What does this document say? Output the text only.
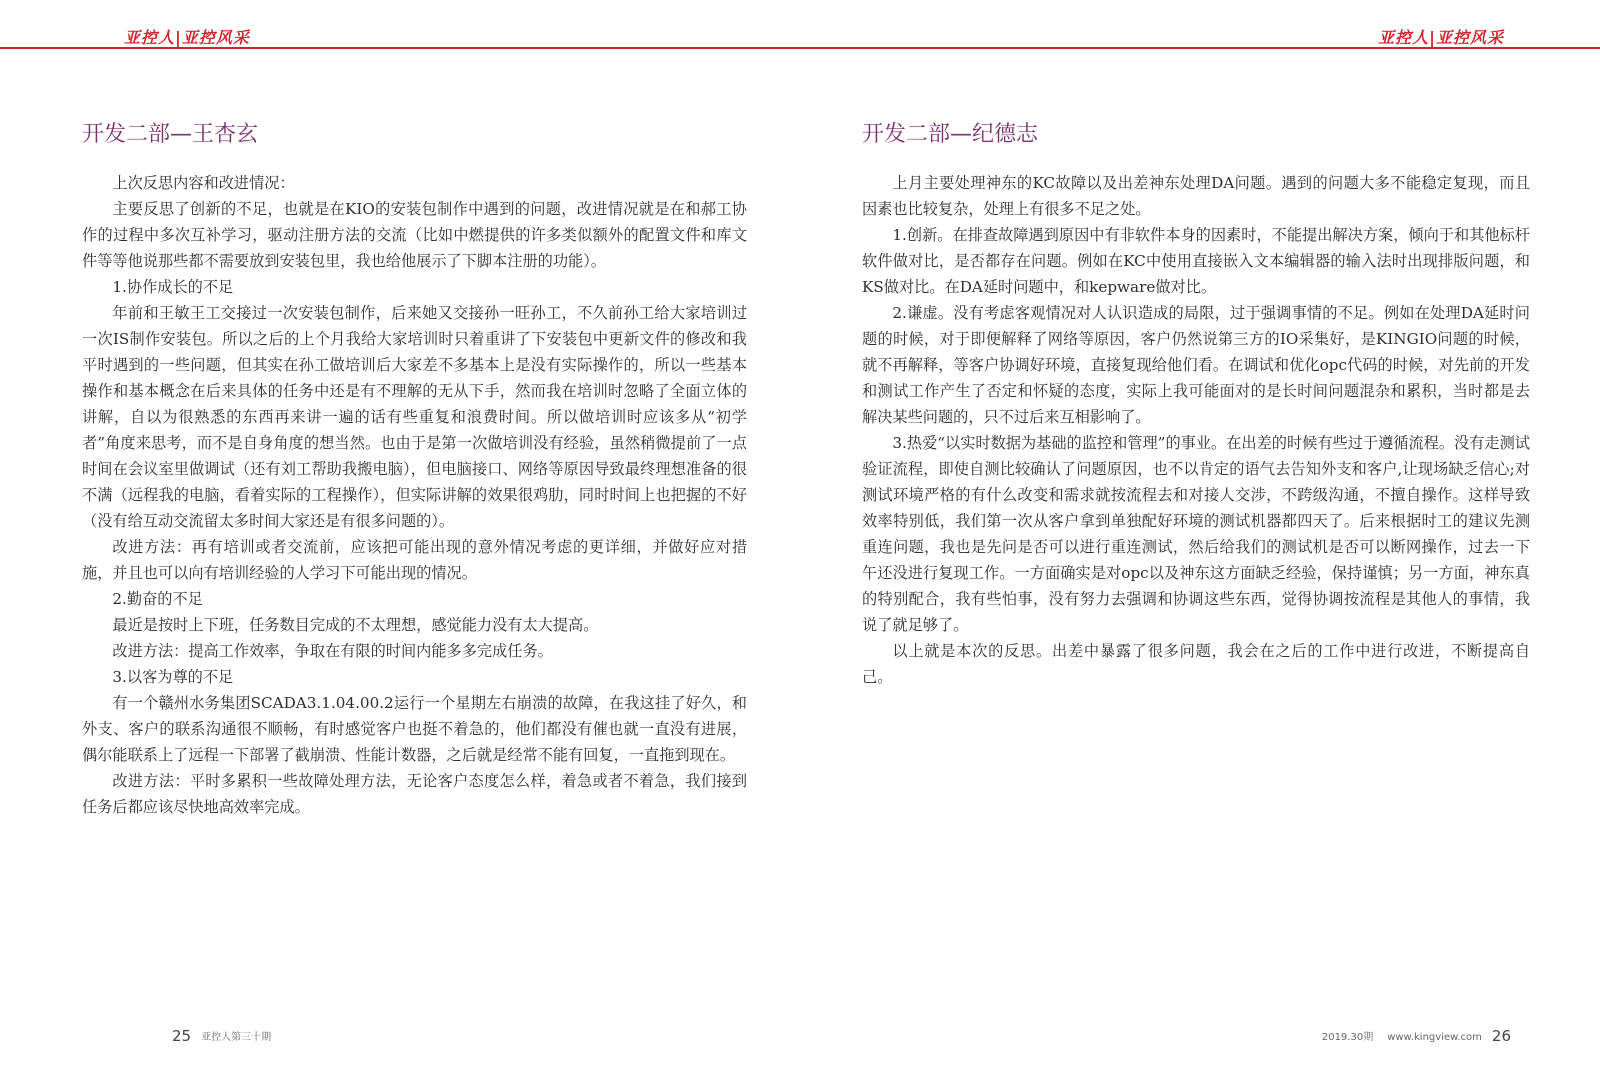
亚控人|亚控风采	亚控人|亚控风采
开发二部—王杏玄

上次反思内容和改进情况：

主要反思了创新的不足，也就是在KIO的安装包制作中遇到的问题，改进情况就是在和郝工协作的过程中多次互补学习，驱动注册方法的交流（比如中燃提供的许多类似额外的配置文件和库文件等等他说那些都不需要放到安装包里，我也给他展示了下脚本注册的功能）。

1.协作成长的不足

年前和王敏王工交接过一次安装包制作，后来她又交接孙一旺孙工，不久前孙工给大家培训过一次IS制作安装包。所以之后的上个月我给大家培训时只着重讲了下安装包中更新文件的修改和我平时遇到的一些问题，但其实在孙工做培训后大家差不多基本上是没有实际操作的，所以一些基本操作和基本概念在后来具体的任务中还是有不理解的无从下手，然而我在培训时忽略了全面立体的讲解，自以为很熟悉的东西再来讲一遍的话有些重复和浪费时间。所以做培训时应该多从“初学者”角度来思考，而不是自身角度的想当然。也由于是第一次做培训没有经验，虽然稍微提前了一点时间在会议室里做调试（还有刘工帮助我搬电脑），但电脑接口、网络等原因导致最终理想准备的很不满（远程我的电脑，看着实际的工程操作），但实际讲解的效果很鸡肋，同时时间上也把握的不好（没有给互动交流留太多时间大家还是有很多问题的）。

改进方法：再有培训或者交流前，应该把可能出现的意外情况考虑的更详细，并做好应对措施，并且也可以向有培训经验的人学习下可能出现的情况。

2.勤奋的不足

最近是按时上下班，任务数目完成的不太理想，感觉能力没有太大提高。

改进方法：提高工作效率，争取在有限的时间内能多多完成任务。

3.以客为尊的不足

有一个赣州水务集团SCADA3.1.04.00.2运行一个星期左右崩溃的故障，在我这挂了好久，和外支、客户的联系沟通很不顺畅，有时感觉客户也挺不着急的，他们都没有催也就一直没有进展，偶尔能联系上了远程一下部署了截崩溃、性能计数器，之后就是经常不能有回复，一直拖到现在。

改进方法：平时多累积一些故障处理方法，无论客户态度怎么样，着急或者不着急，我们接到任务后都应该尽快地高效率完成。

25 亚控人第三十期
开发二部—纪德志

上月主要处理神东的KC故障以及出差神东处理DA问题。遇到的问题大多不能稳定复现，而且因素也比较复杂，处理上有很多不足之处。

1.创新。在排查故障遇到原因中有非软件本身的因素时，不能提出解决方案，倾向于和其他标杆软件做对比，是否都存在问题。例如在KC中使用直接嵌入文本编辑器的输入法时出现排版问题，和KS做对比。在DA延时问题中，和kepware做对比。

2.谦虚。没有考虑客观情况对人认识造成的局限，过于强调事情的不足。例如在处理DA延时问题的时候，对于即便解释了网络等原因，客户仍然说第三方的IO采集好，是KINGIO问题的时候，就不再解释，等客户协调好环境，直接复现给他们看。在调试和优化opc代码的时候，对先前的开发和测试工作产生了否定和怀疑的态度，实际上我可能面对的是长时间问题混杂和累积，当时都是去解决某些问题的，只不过后来互相影响了。

3.热爱“以实时数据为基础的监控和管理”的事业。在出差的时候有些过于遵循流程。没有走测试验证流程，即使自测比较确认了问题原因，也不以肯定的语气去告知外支和客户,让现场缺乏信心;对测试环境严格的有什么改变和需求就按流程去和对接人交涉，不跨级沟通，不擅自操作。这样导致效率特别低，我们第一次从客户拿到单独配好环境的测试机器都四天了。后来根据时工的建议先测重连问题，我也是先问是否可以进行重连测试，然后给我们的测试机是否可以断网操作，过去一下午还没进行复现工作。一方面确实是对opc以及神东这方面缺乏经验，保持谨慎；另一方面，神东真的特别配合，我有些怕事，没有努力去强调和协调这些东西，觉得协调按流程是其他人的事情，我说了就足够了。

以上就是本次的反思。出差中暴露了很多问题，我会在之后的工作中进行改进，不断提高自己。

2019.30期 www.kingview.com 26
